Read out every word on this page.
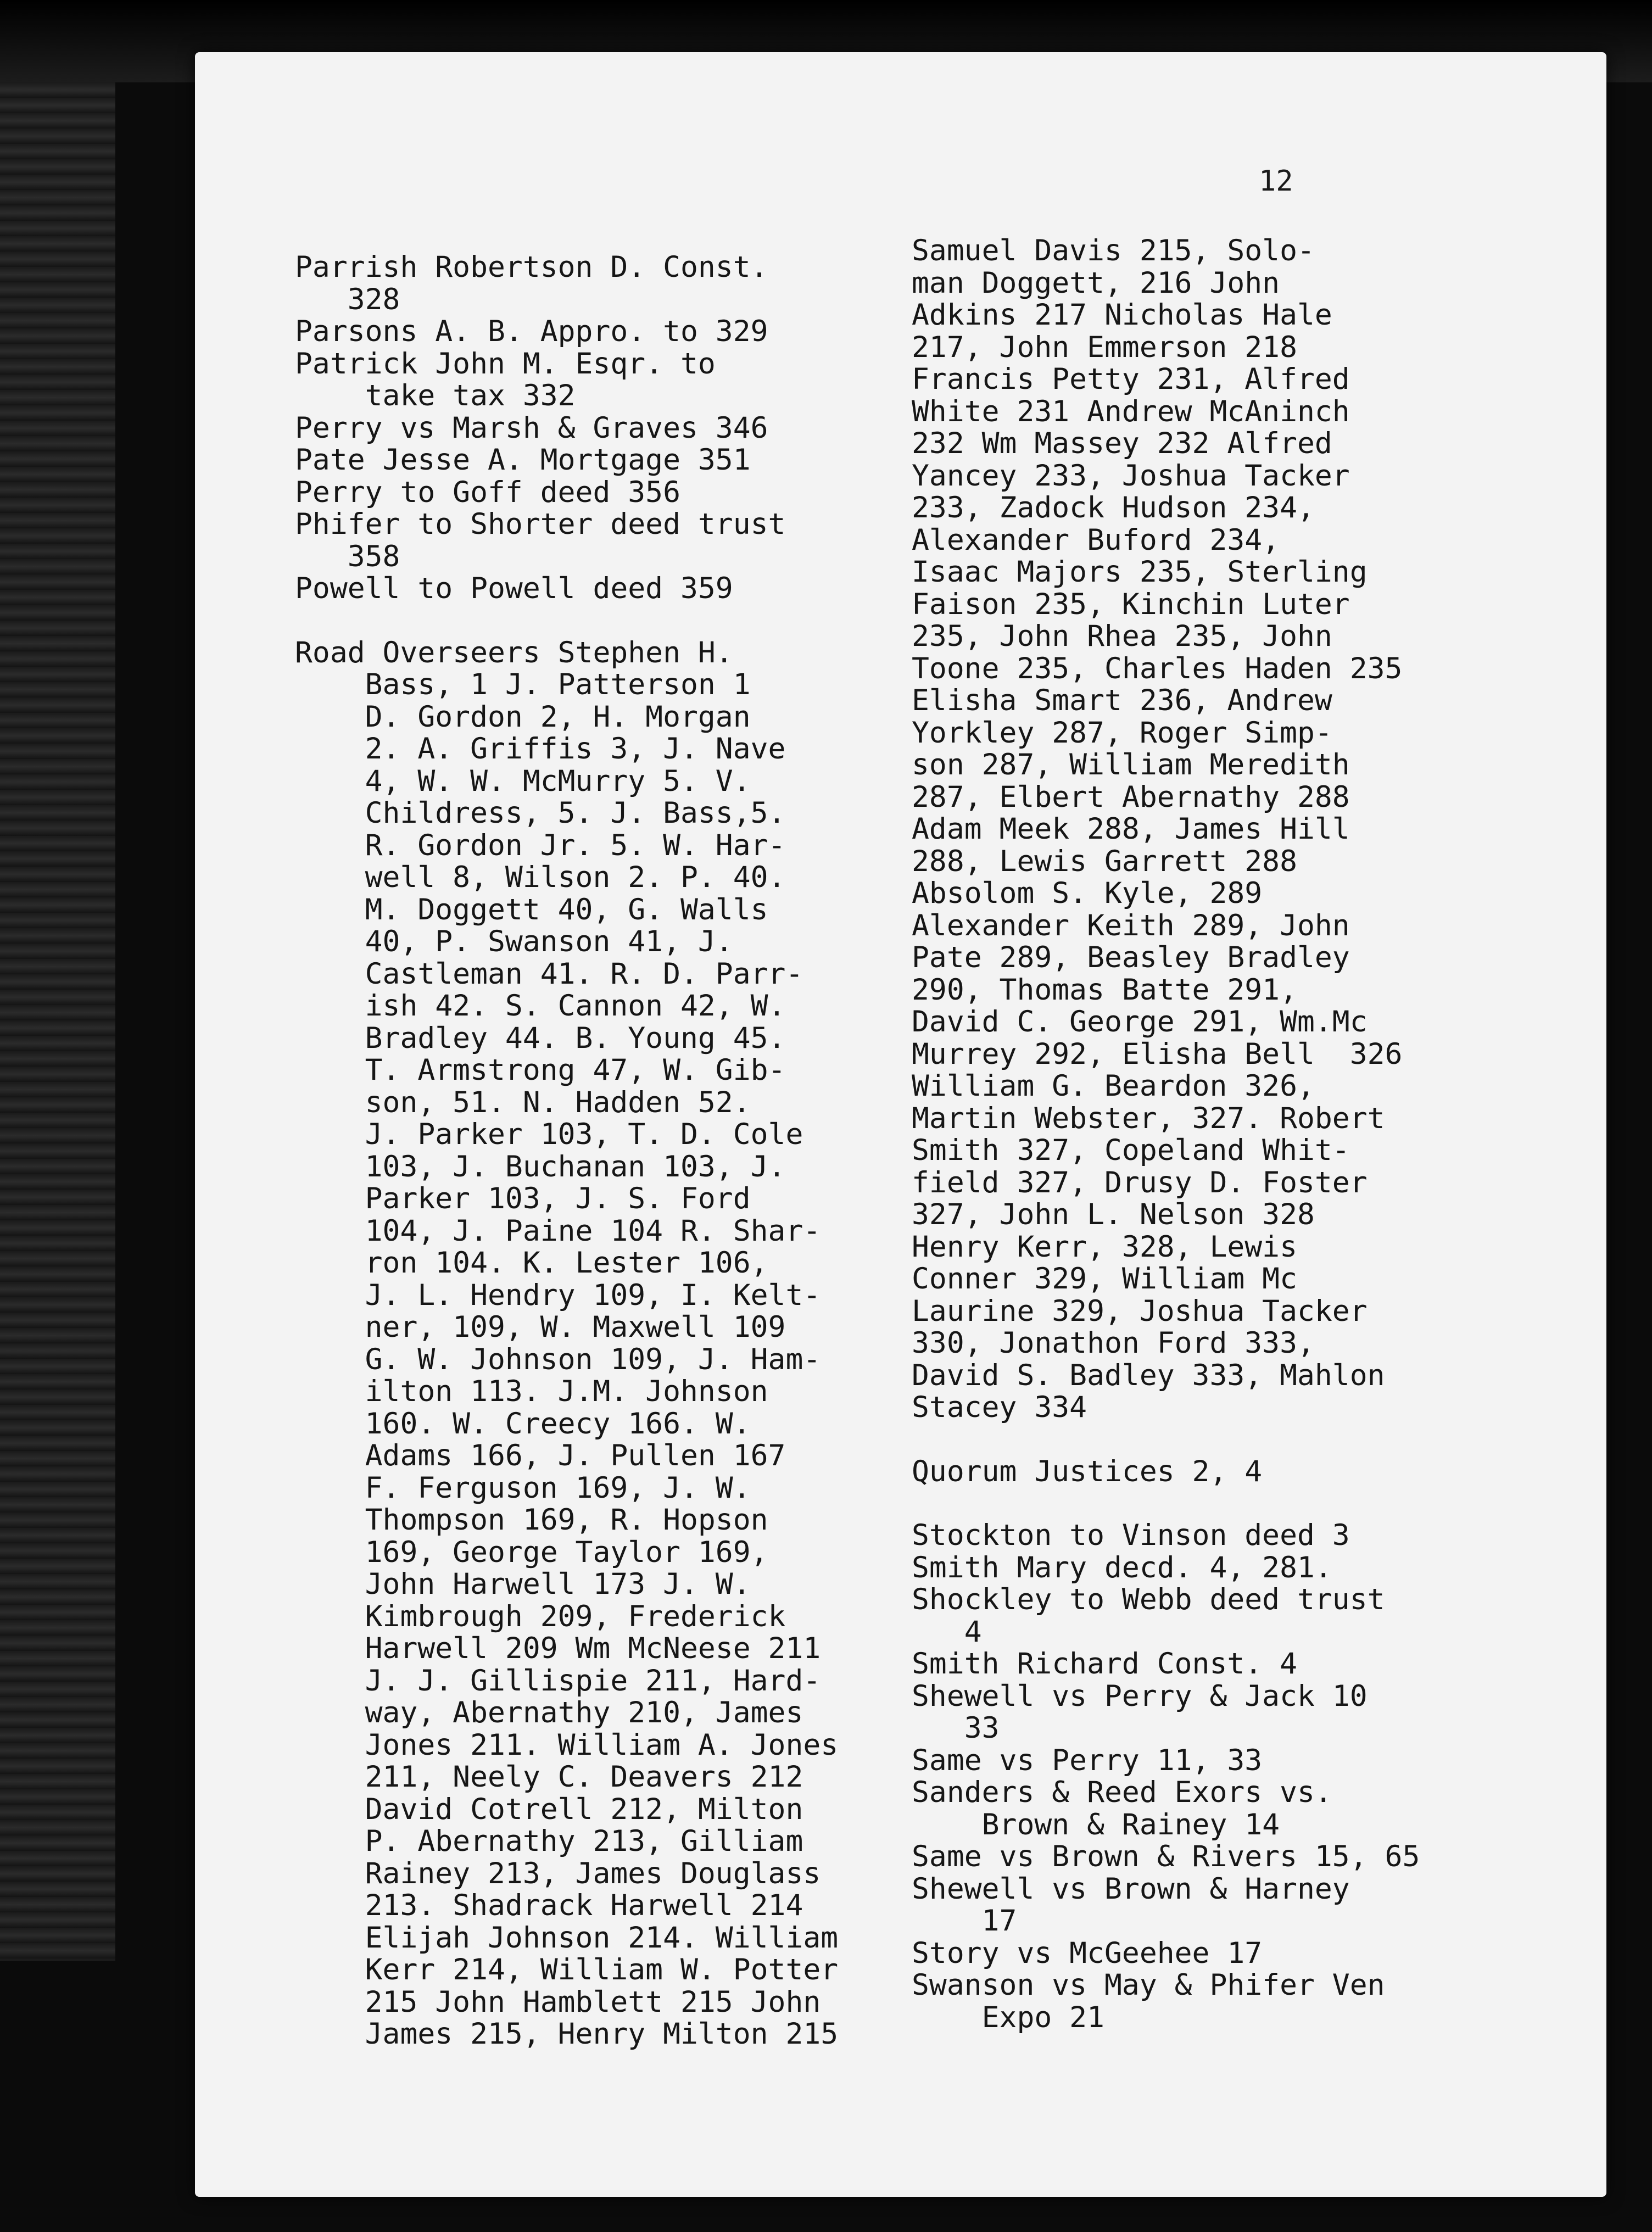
12
Parrish Robertson D. Const.
328
Parsons A. B. Appro. to 329
Patrick John M. Esqr. to
take tax 332
Perry vs Marsh & Graves 346
Pate Jesse A. Mortgage 351
Perry to Goff deed 356
Phifer to Shorter deed trust
358
Powell to Powell deed 359
Road Overseers Stephen H.
Bass, 1 J. Patterson 1
D. Gordon 2, H. Morgan
2. A. Griffis 3, J. Nave
4, W. W. McMurry 5. V.
Childress, 5. J. Bass,5.
R. Gordon Jr. 5. W. Har-
well 8, Wilson 2. P. 40.
M. Doggett 40, G. Walls
40, P. Swanson 41, J.
Castleman 41. R. D. Parr-
ish 42. S. Cannon 42, W.
Bradley 44. B. Young 45.
T. Armstrong 47, W. Gib-
son, 51. N. Hadden 52.
J. Parker 103, T. D. Cole
103, J. Buchanan 103, J.
Parker 103, J. S. Ford
104, J. Paine 104 R. Shar-
ron 104. K. Lester 106,
J. L. Hendry 109, I. Kelt-
ner, 109, W. Maxwell 109
G. W. Johnson 109, J. Ham-
ilton 113. J.M. Johnson
160. W. Creecy 166. W.
Adams 166, J. Pullen 167
F. Ferguson 169, J. W.
Thompson 169, R. Hopson
169, George Taylor 169,
John Harwell 173 J. W.
Kimbrough 209, Frederick
Harwell 209 Wm McNeese 211
J. J. Gillispie 211, Hard-
way, Abernathy 210, James
Jones 211. William A. Jones
211, Neely C. Deavers 212
David Cotrell 212, Milton
P. Abernathy 213, Gilliam
Rainey 213, James Douglass
213. Shadrack Harwell 214
Elijah Johnson 214. William
Kerr 214, William W. Potter
215 John Hamblett 215 John
James 215, Henry Milton 215
Samuel Davis 215, Solo-
man Doggett, 216 John
Adkins 217 Nicholas Hale
217, John Emmerson 218
Francis Petty 231, Alfred
White 231 Andrew McAninch
232 Wm Massey 232 Alfred
Yancey 233, Joshua Tacker
233, Zadock Hudson 234,
Alexander Buford 234,
Isaac Majors 235, Sterling
Faison 235, Kinchin Luter
235, John Rhea 235, John
Toone 235, Charles Haden 235
Elisha Smart 236, Andrew
Yorkley 287, Roger Simp-
son 287, William Meredith
287, Elbert Abernathy 288
Adam Meek 288, James Hill
288, Lewis Garrett 288
Absolom S. Kyle, 289
Alexander Keith 289, John
Pate 289, Beasley Bradley
290, Thomas Batte 291,
David C. George 291, Wm.Mc
Murrey 292, Elisha Bell  326
William G. Beardon 326,
Martin Webster, 327. Robert
Smith 327, Copeland Whit-
field 327, Drusy D. Foster
327, John L. Nelson 328
Henry Kerr, 328, Lewis
Conner 329, William Mc
Laurine 329, Joshua Tacker
330, Jonathon Ford 333,
David S. Badley 333, Mahlon
Stacey 334
Quorum Justices 2, 4
Stockton to Vinson deed 3
Smith Mary decd. 4, 281.
Shockley to Webb deed trust
4
Smith Richard Const. 4
Shewell vs Perry & Jack 10
33
Same vs Perry 11, 33
Sanders & Reed Exors vs.
Brown & Rainey 14
Same vs Brown & Rivers 15, 65
Shewell vs Brown & Harney
17
Story vs McGeehee 17
Swanson vs May & Phifer Ven
Expo 21
